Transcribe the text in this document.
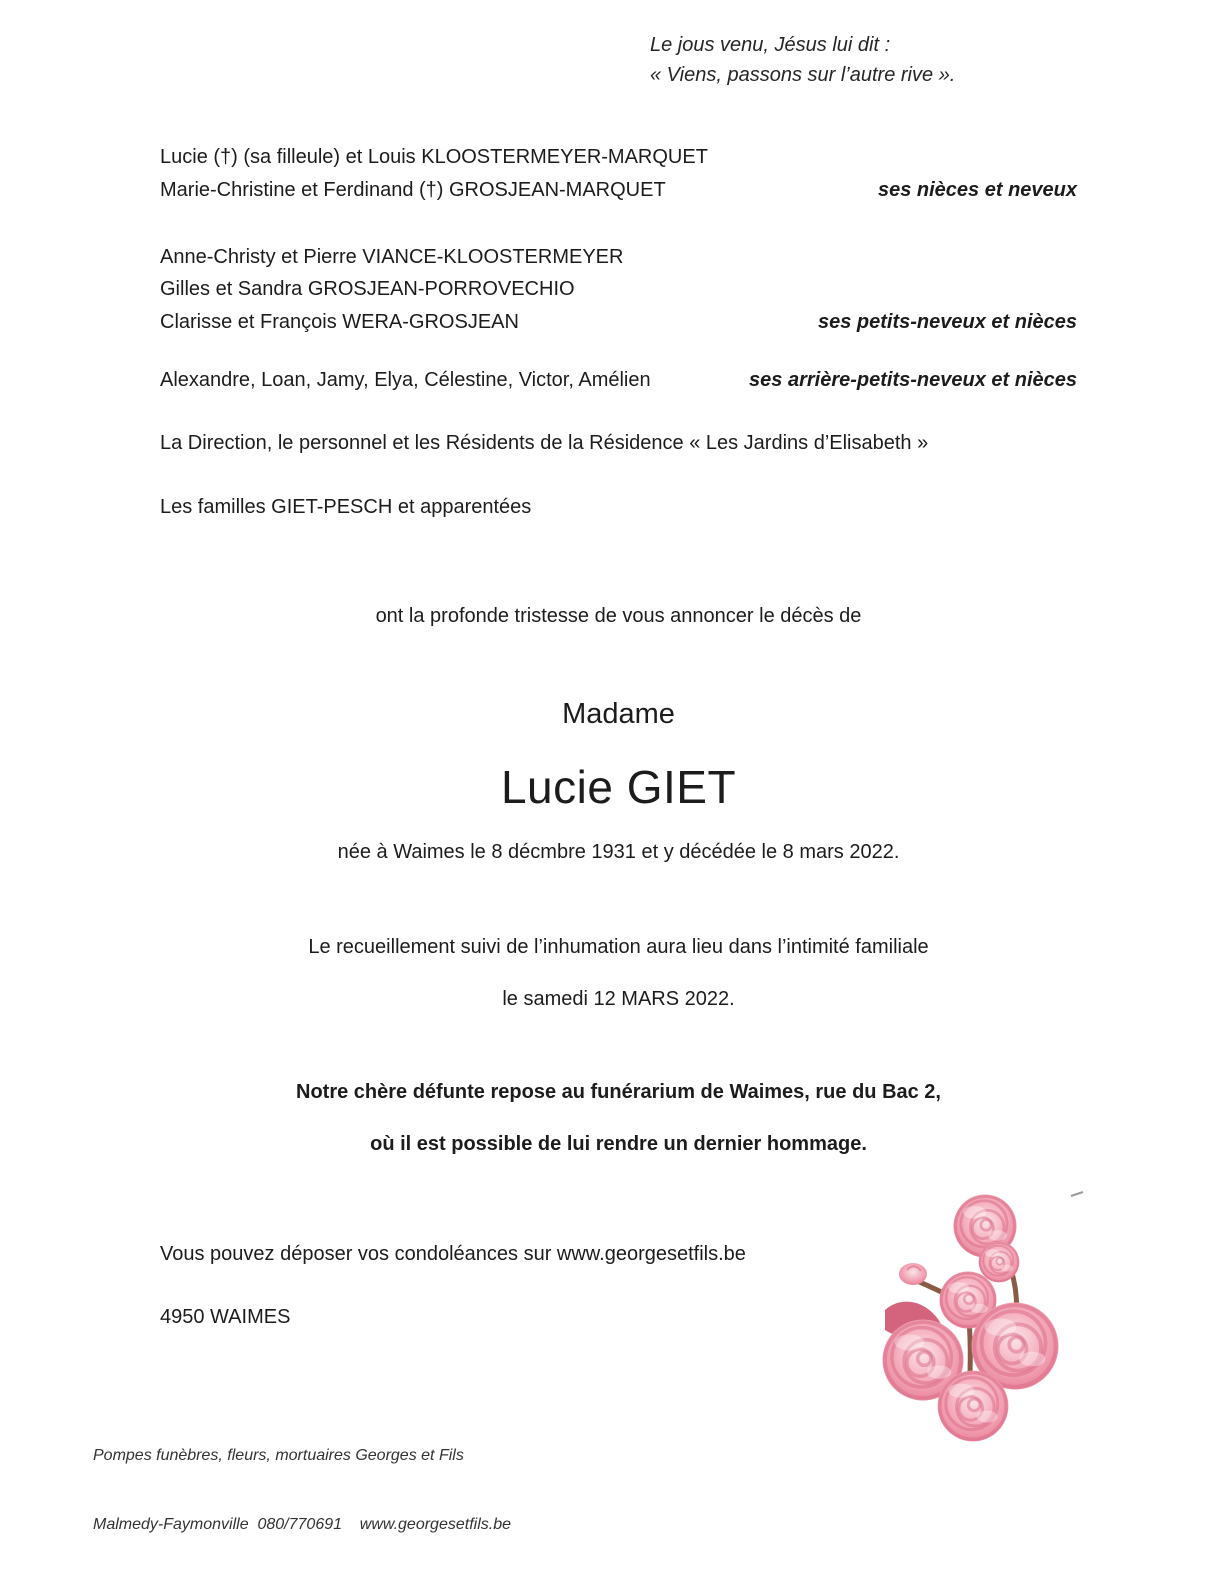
Le jous venu, Jésus lui dit :
« Viens, passons sur l’autre rive ».
Lucie (†) (sa filleule) et Louis KLOOSTERMEYER-MARQUET
Marie-Christine et Ferdinand (†) GROSJEAN-MARQUET	ses nièces et neveux
Anne-Christy et Pierre VIANCE-KLOOSTERMEYER
Gilles et Sandra GROSJEAN-PORROVECHIO
Clarisse et François WERA-GROSJEAN	ses petits-neveux et nièces
Alexandre, Loan, Jamy, Elya, Célestine, Victor, Amélien	ses arrière-petits-neveux et nièces
La Direction, le personnel et les Résidents de la Résidence « Les Jardins d’Elisabeth »
Les familles GIET-PESCH et apparentées
ont la profonde tristesse de vous annoncer le décès de
Madame
Lucie GIET
née à Waimes le 8 décmbre 1931 et y décédée le 8 mars 2022.
Le recueillement suivi de l’inhumation aura lieu dans l’intimité familiale
le samedi 12 MARS 2022.
Notre chère défunte repose au funérarium de Waimes, rue du Bac 2,
où il est possible de lui rendre un dernier hommage.
Vous pouvez déposer vos condoléances sur www.georgesetfils.be
4950 WAIMES

Pompes funèbres, fleurs, mortuaires Georges et Fils

Malmedy-Faymonville  080/770691    www.georgesetfils.be
